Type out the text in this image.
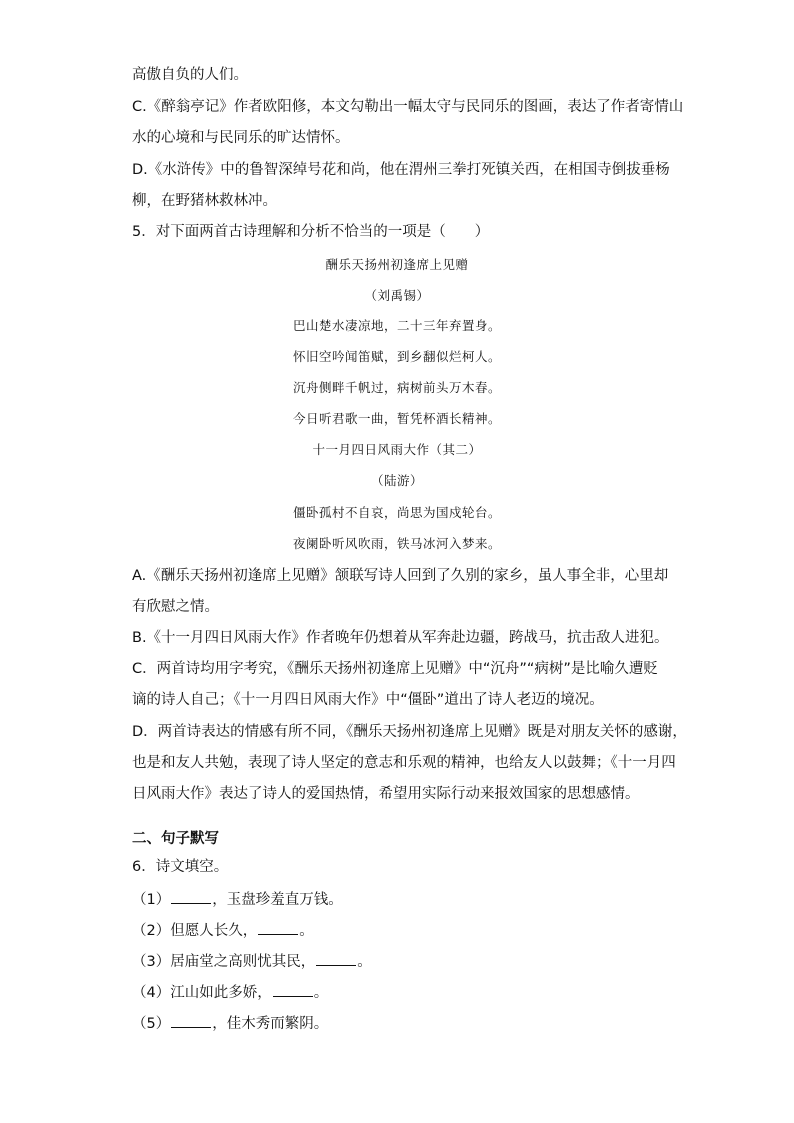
高傲自负的人们。
C.《醉翁亭记》作者欧阳修，本文勾勒出一幅太守与民同乐的图画，表达了作者寄情山
水的心境和与民同乐的旷达情怀。
D.《水浒传》中的鲁智深绰号花和尚，他在渭州三拳打死镇关西，在相国寺倒拔垂杨
柳，在野猪林救林冲。
5．对下面两首古诗理解和分析不恰当的一项是（　　）
酬乐天扬州初逢席上见赠
（刘禹锡）
巴山楚水凄凉地，二十三年弃置身。
怀旧空吟闻笛赋，到乡翻似烂柯人。
沉舟侧畔千帆过，病树前头万木春。
今日听君歌一曲，暂凭杯酒长精神。
十一月四日风雨大作（其二）
（陆游）
僵卧孤村不自哀，尚思为国戍轮台。
夜阑卧听风吹雨，铁马冰河入梦来。
A.《酬乐天扬州初逢席上见赠》颔联写诗人回到了久别的家乡，虽人事全非，心里却
有欣慰之情。
B.《十一月四日风雨大作》作者晚年仍想着从军奔赴边疆，跨战马，抗击敌人进犯。
C．两首诗均用字考究，《酬乐天扬州初逢席上见赠》中“沉舟”“病树”是比喻久遭贬
谪的诗人自己；《十一月四日风雨大作》中“僵卧”道出了诗人老迈的境况。
D．两首诗表达的情感有所不同，《酬乐天扬州初逢席上见赠》既是对朋友关怀的感谢，
也是和友人共勉，表现了诗人坚定的意志和乐观的精神，也给友人以鼓舞；《十一月四
日风雨大作》表达了诗人的爱国热情，希望用实际行动来报效国家的思想感情。
二、句子默写
6．诗文填空。
（1）	，玉盘珍羞直万钱。
（2）但愿人长久，	。
（3）居庙堂之高则忧其民，	。
（4）江山如此多娇，	。
（5）	，佳木秀而繁阴。
